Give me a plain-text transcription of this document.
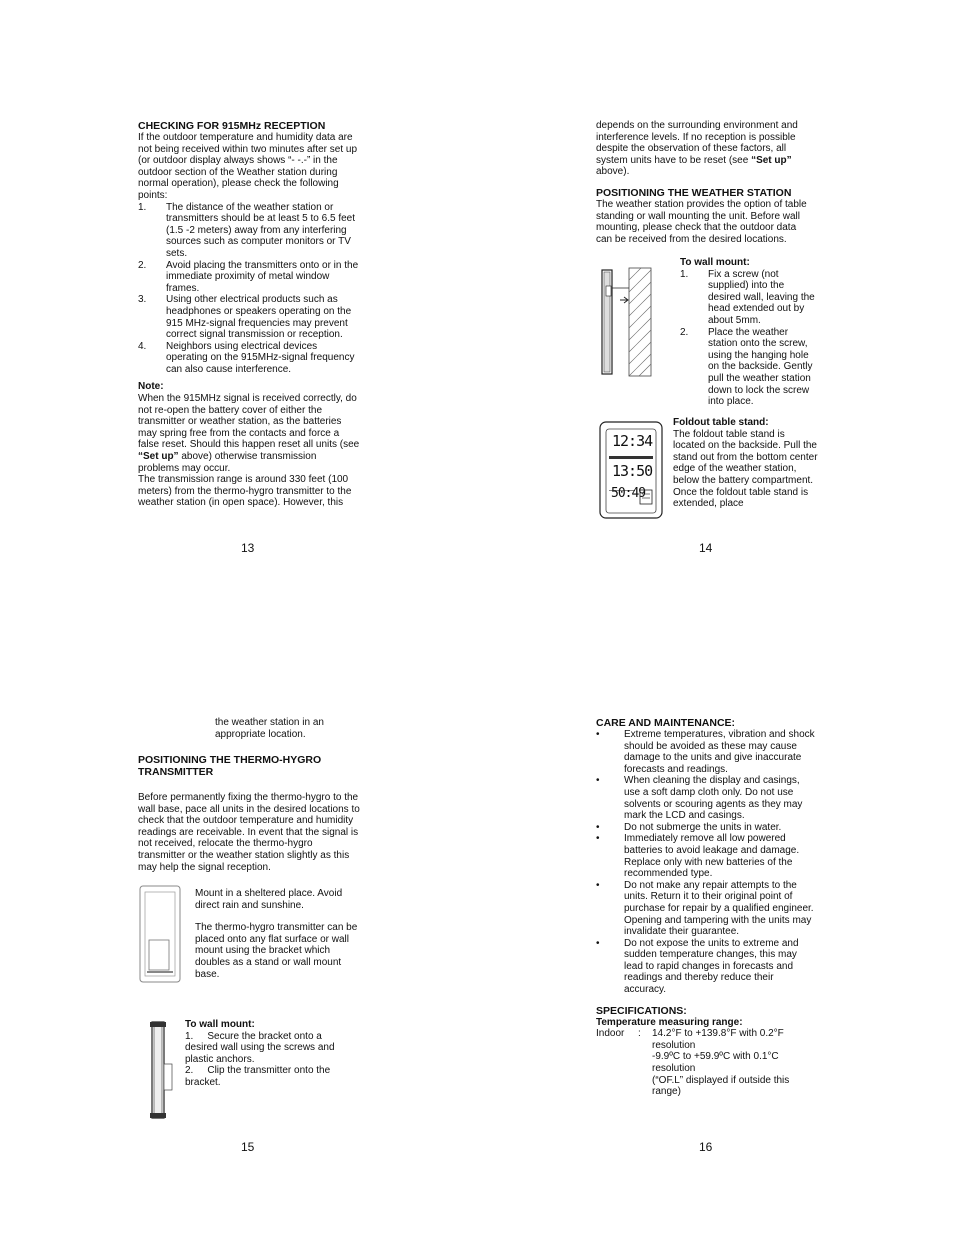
CHECKING FOR 915MHz RECEPTION

If the outdoor temperature and humidity data are not being received within two minutes after set up (or outdoor display always shows “- -.-” in the outdoor section of the Weather station during normal operation), please check the following points:

1. The distance of the weather station or transmitters should be at least 5 to 6.5 feet (1.5 -2 meters) away from any interfering sources such as computer monitors or TV sets.
2. Avoid placing the transmitters onto or in the immediate proximity of metal window frames.
3. Using other electrical products such as headphones or speakers operating on the 915 MHz-signal frequencies may prevent correct signal transmission or reception.
4. Neighbors using electrical devices operating on the 915MHz-signal frequency can also cause interference.

Note:

When the 915MHz signal is received correctly, do not re-open the battery cover of either the transmitter or weather station, as the batteries may spring free from the contacts and force a false reset. Should this happen reset all units (see “Set up” above) otherwise transmission problems may occur.

The transmission range is around 330 feet (100 meters) from the thermo-hygro transmitter to the weather station (in open space). However, this

13

depends on the surrounding environment and interference levels. If no reception is possible despite the observation of these factors, all system units have to be reset (see “Set up” above).

POSITIONING THE WEATHER STATION

The weather station provides the option of table standing or wall mounting the unit. Before wall mounting, please check that the outdoor data can be received from the desired locations.

To wall mount:

1. Fix a screw (not supplied) into the desired wall, leaving the head extended out by about 5mm.
2. Place the weather station onto the screw, using the hanging hole on the backside. Gently pull the weather station down to lock the screw into place.
12:34
13:50
50:49

Foldout table stand:

The foldout table stand is located on the backside. Pull the stand out from the bottom center edge of the weather station, below the battery compartment. Once the foldout table stand is extended, place

14

the weather station in an appropriate location.

POSITIONING THE THERMO-HYGRO TRANSMITTER

Before permanently fixing the thermo-hygro to the wall base, pace all units in the desired locations to check that the outdoor temperature and humidity readings are receivable. In event that the signal is not received, relocate the thermo-hygro transmitter or the weather station slightly as this may help the signal reception.

Mount in a sheltered place. Avoid direct rain and sunshine.

The thermo-hygro transmitter can be placed onto any flat surface or wall mount using the bracket which doubles as a stand or wall mount base.

To wall mount:

1. Secure the bracket onto a desired wall using the screws and plastic anchors.

2. Clip the transmitter onto the bracket.

15
CARE AND MAINTENANCE:
• Extreme temperatures, vibration and shock should be avoided as these may cause damage to the units and give inaccurate forecasts and readings.
• When cleaning the display and casings, use a soft damp cloth only. Do not use solvents or scouring agents as they may mark the LCD and casings.
• Do not submerge the units in water.
• Immediately remove all low powered batteries to avoid leakage and damage. Replace only with new batteries of the recommended type.
• Do not make any repair attempts to the units. Return it to their original point of purchase for repair by a qualified engineer. Opening and tampering with the units may invalidate their guarantee.
• Do not expose the units to extreme and sudden temperature changes, this may lead to rapid changes in forecasts and readings and thereby reduce their accuracy.
SPECIFICATIONS:

Temperature measuring range:

Indoor	:	14.2°F to +139.8°F with 0.2°F resolution
-9.9ºC to +59.9ºC with 0.1°C resolution
(“OF.L” displayed if outside this range)
16
